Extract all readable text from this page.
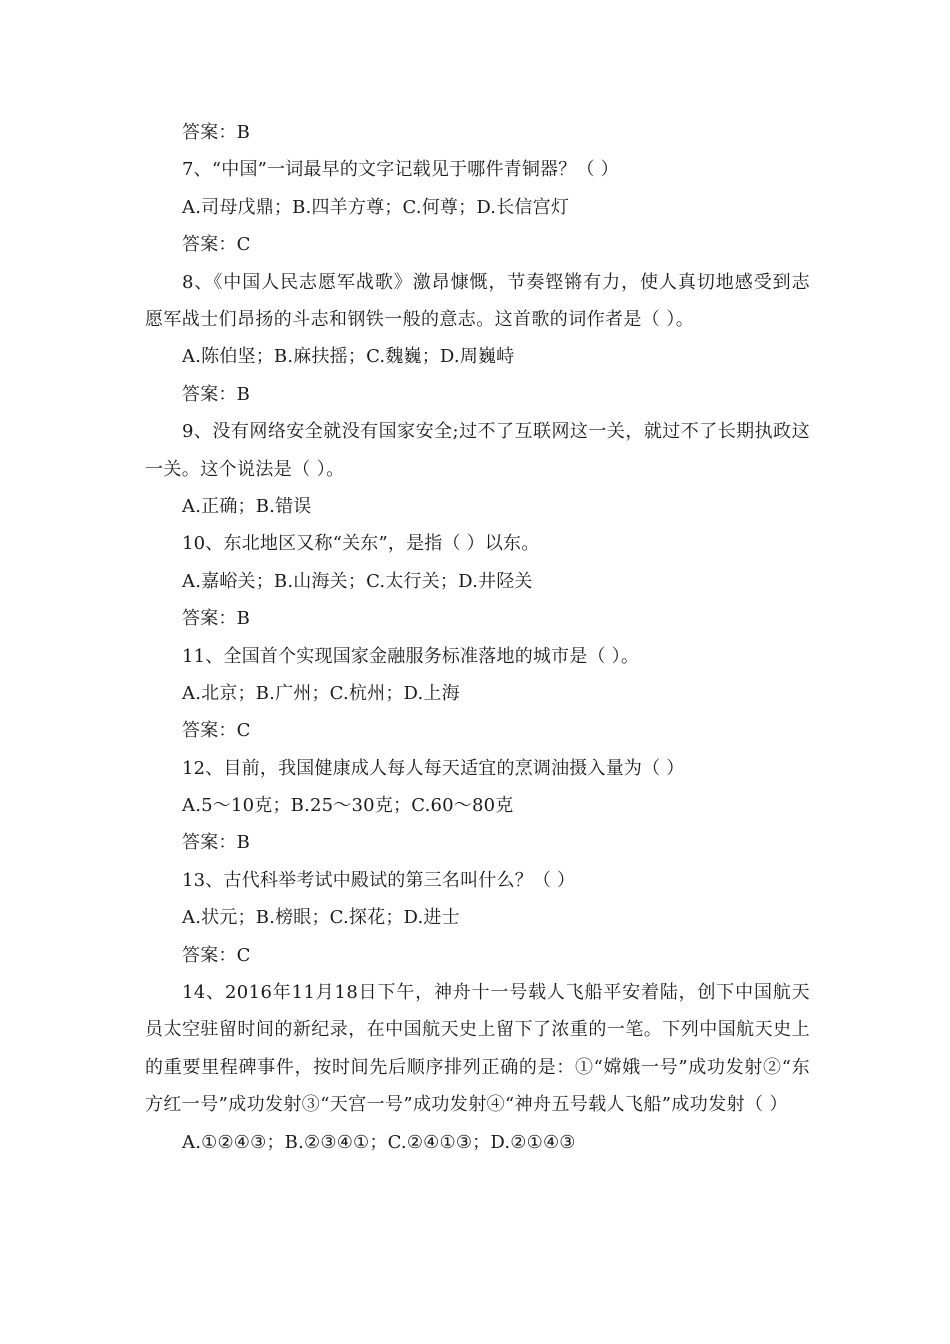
答案：B
7、“中国”一词最早的文字记载见于哪件青铜器？（ ）
A.司母戊鼎；B.四羊方尊；C.何尊；D.长信宫灯
答案：C
8、《中国人民志愿军战歌》激昂慷慨，节奏铿锵有力，使人真切地感受到志愿军战士们昂扬的斗志和钢铁一般的意志。这首歌的词作者是（ ）。
A.陈伯坚；B.麻扶摇；C.魏巍；D.周巍峙
答案：B
9、没有网络安全就没有国家安全;过不了互联网这一关，就过不了长期执政这一关。这个说法是（ ）。
A.正确；B.错误
10、东北地区又称“关东”，是指（ ）以东。
A.嘉峪关；B.山海关；C.太行关；D.井陉关
答案：B
11、全国首个实现国家金融服务标准落地的城市是（ ）。
A.北京；B.广州；C.杭州；D.上海
答案：C
12、目前，我国健康成人每人每天适宜的烹调油摄入量为（ ）
A.5～10克；B.25～30克；C.60～80克
答案：B
13、古代科举考试中殿试的第三名叫什么？（ ）
A.状元；B.榜眼；C.探花；D.进士
答案：C
14、2016年11月18日下午，神舟十一号载人飞船平安着陆，创下中国航天员太空驻留时间的新纪录，在中国航天史上留下了浓重的一笔。下列中国航天史上的重要里程碑事件，按时间先后顺序排列正确的是：①“嫦娥一号”成功发射②“东方红一号”成功发射③“天宫一号”成功发射④“神舟五号载人飞船”成功发射（ ）
A.①②④③；B.②③④①；C.②④①③；D.②①④③
